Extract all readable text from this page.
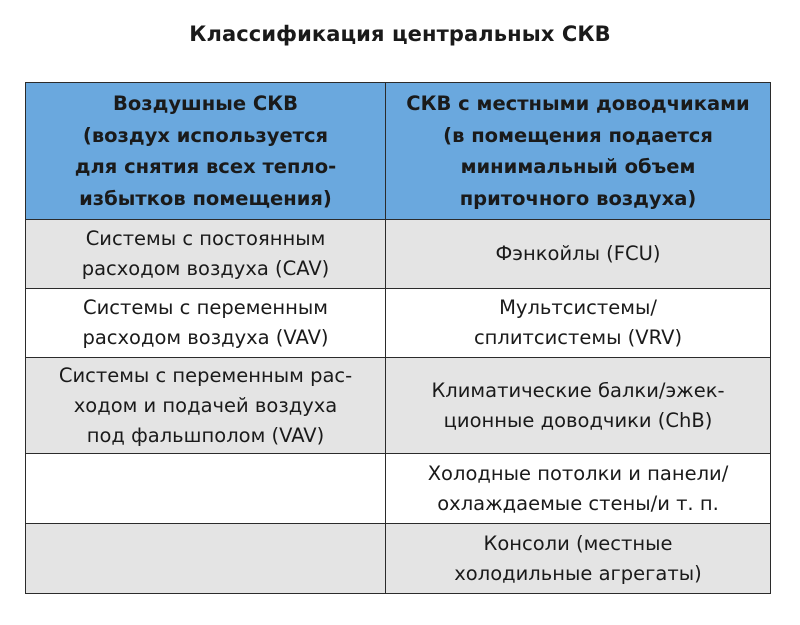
Классификация центральных СКВ
Воздушные СКВ
(воздух используется
для снятия всех тепло-
избытков помещения)	СКВ с местными доводчиками
(в помещения подается
минимальный объем
приточного воздуха)
Системы с постоянным
расходом воздуха (CAV)	Фэнкойлы (FCU)
Системы с переменным
расходом воздуха (VAV)	Мультсистемы/
сплитсистемы (VRV)
Системы с переменным рас-
ходом и подачей воздуха
под фальшполом (VAV)	Климатические балки/эжек-
ционные доводчики (ChB)
	Холодные потолки и панели/
охлаждаемые стены/и т. п.
	Консоли (местные
холодильные агрегаты)
